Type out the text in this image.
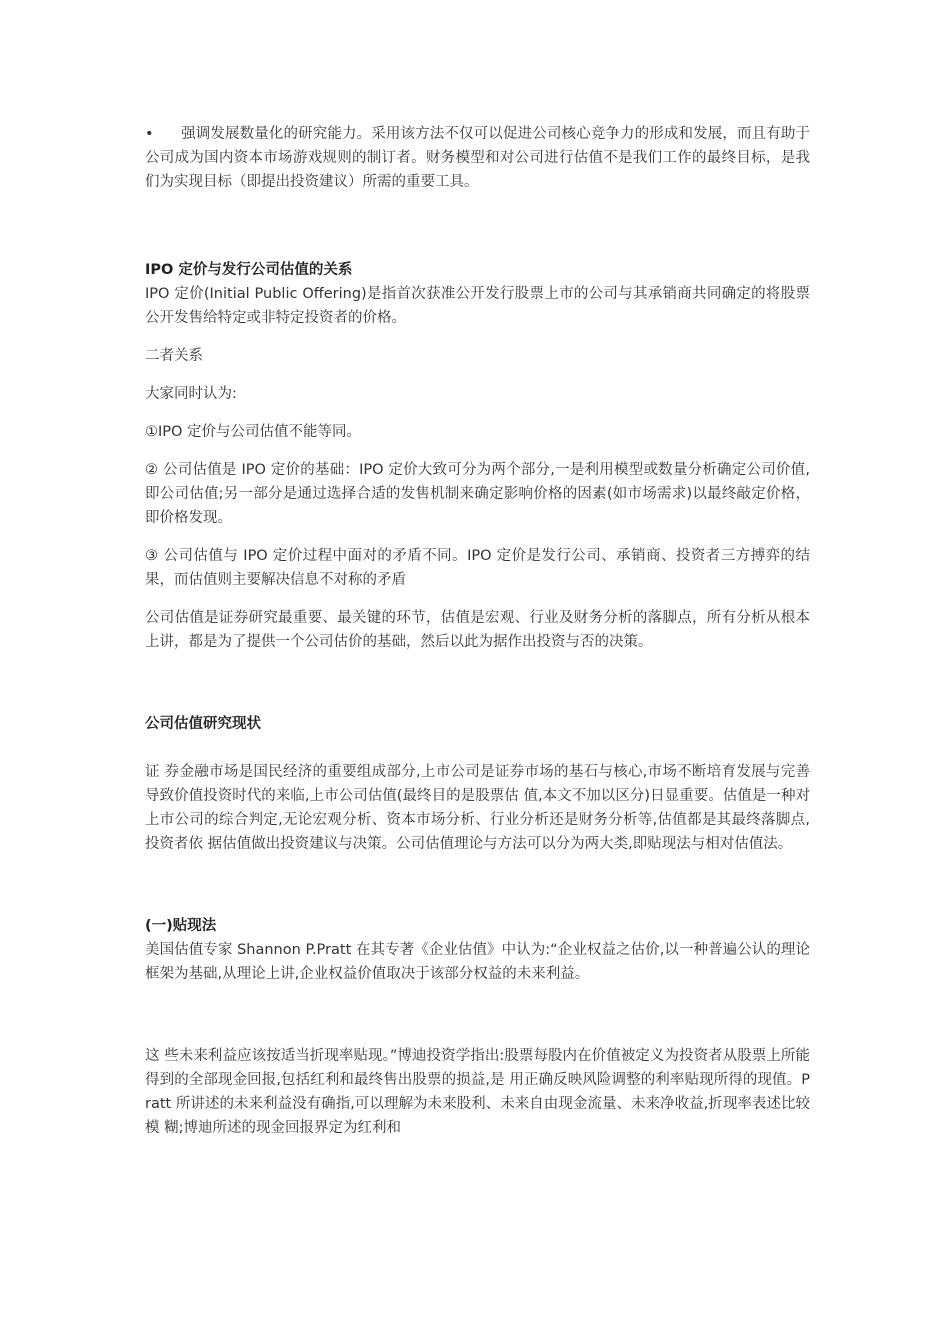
• 强调发展数量化的研究能力。采用该方法不仅可以促进公司核心竞争力的形成和发展，而且有助于公司成为国内资本市场游戏规则的制订者。财务模型和对公司进行估值不是我们工作的最终目标，是我们为实现目标（即提出投资建议）所需的重要工具。

IPO 定价与发行公司估值的关系

IPO 定价(Initial Public Offering)是指首次获准公开发行股票上市的公司与其承销商共同确定的将股票公开发售给特定或非特定投资者的价格。

二者关系

大家同时认为:

①IPO 定价与公司估值不能等同。

② 公司估值是 IPO 定价的基础：IPO 定价大致可分为两个部分,一是利用模型或数量分析确定公司价值,即公司估值;另一部分是通过选择合适的发售机制来确定影响价格的因素(如市场需求)以最终敲定价格，即价格发现。

③ 公司估值与 IPO 定价过程中面对的矛盾不同。IPO 定价是发行公司、承销商、投资者三方搏弈的结果，而估值则主要解决信息不对称的矛盾

公司估值是证券研究最重要、最关键的环节，估值是宏观、行业及财务分析的落脚点，所有分析从根本上讲，都是为了提供一个公司估价的基础，然后以此为据作出投资与否的决策。

公司估值研究现状

证 券金融市场是国民经济的重要组成部分,上市公司是证券市场的基石与核心,市场不断培育发展与完善导致价值投资时代的来临,上市公司估值(最终目的是股票估 值,本文不加以区分)日显重要。估值是一种对上市公司的综合判定,无论宏观分析、资本市场分析、行业分析还是财务分析等,估值都是其最终落脚点,投资者依 据估值做出投资建议与决策。公司估值理论与方法可以分为两大类,即贴现法与相对估值法。

(一)贴现法

美国估值专家 Shannon P.Pratt 在其专著《企业估值》中认为:“企业权益之估价,以一种普遍公认的理论框架为基础,从理论上讲,企业权益价值取决于该部分权益的未来利益。

这 些未来利益应该按适当折现率贴现。”博迪投资学指出:股票每股内在价值被定义为投资者从股票上所能得到的全部现金回报,包括红利和最终售出股票的损益,是 用正确反映风险调整的利率贴现所得的现值。Pratt 所讲述的未来利益没有确指,可以理解为未来股利、未来自由现金流量、未来净收益,折现率表述比较模 糊;博迪所述的现金回报界定为红利和
